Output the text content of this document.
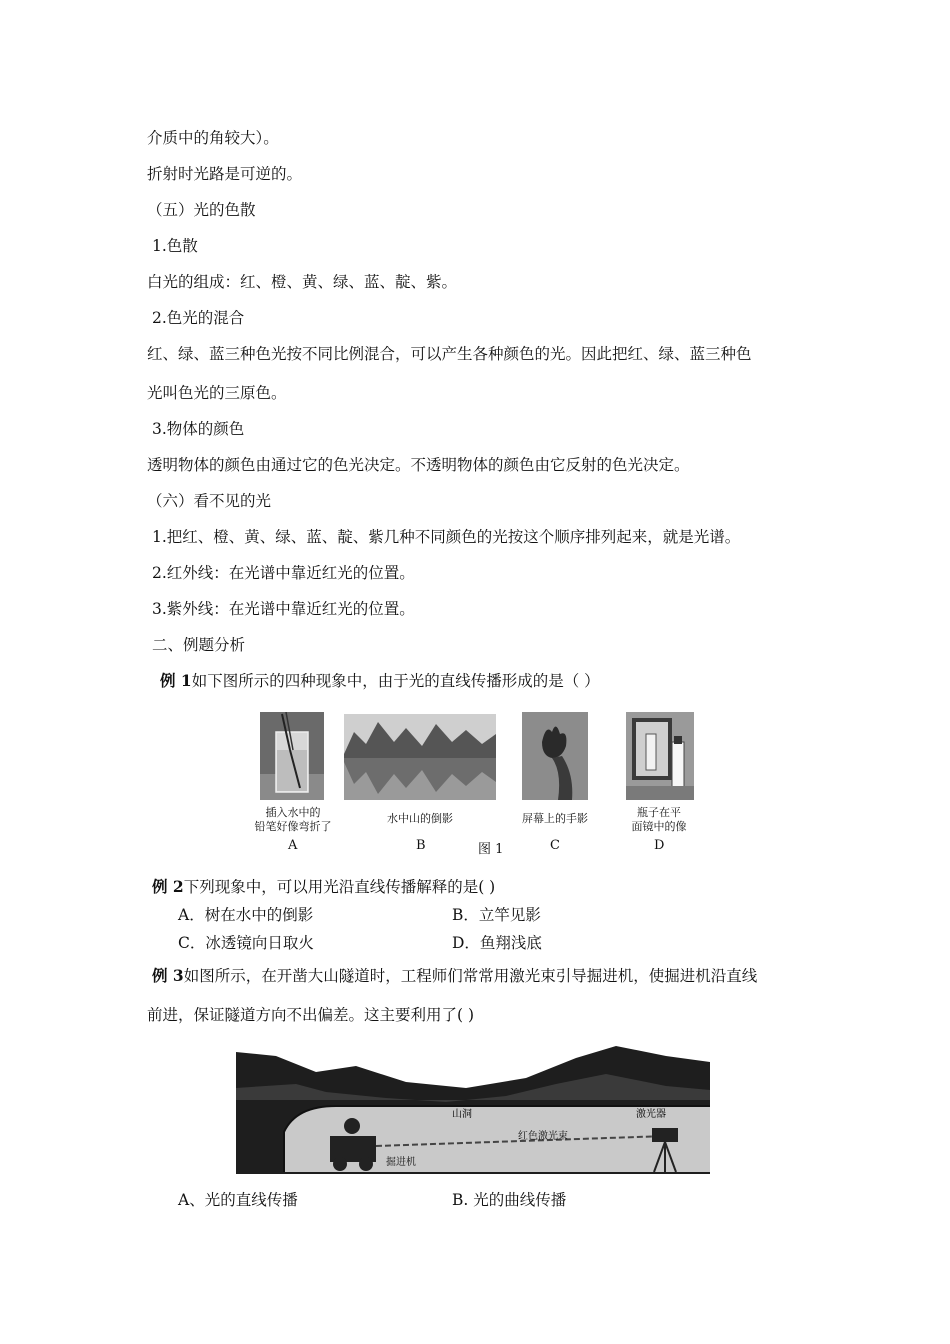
介质中的角较大）。
折射时光路是可逆的。
（五）光的色散
1.色散
白光的组成：红、橙、黄、绿、蓝、靛、紫。
2.色光的混合
红、绿、蓝三种色光按不同比例混合，可以产生各种颜色的光。因此把红、绿、蓝三种色
光叫色光的三原色。
3.物体的颜色
透明物体的颜色由通过它的色光决定。不透明物体的颜色由它反射的色光决定。
（六）看不见的光
1.把红、橙、黄、绿、蓝、靛、紫几种不同颜色的光按这个顺序排列起来，就是光谱。
2.红外线：在光谱中靠近红光的位置。
3.紫外线：在光谱中靠近红光的位置。
二、例题分析
例 1如下图所示的四种现象中，由于光的直线传播形成的是（ ）
插入水中的
铅笔好像弯折了
A
水中山的倒影
B	图 1
屏幕上的手影
C
瓶子在平
面镜中的像
D
例 2下列现象中，可以用光沿直线传播解释的是( )
A．树在水中的倒影	B．立竿见影
C．冰透镜向日取火	D．鱼翔浅底
例 3如图所示，在开凿大山隧道时，工程师们常常用激光束引导掘进机，使掘进机沿直线
前进，保证隧道方向不出偏差。这主要利用了( )
山洞
红色激光束
掘进机
激光器
A、光的直线传播	B. 光的曲线传播
